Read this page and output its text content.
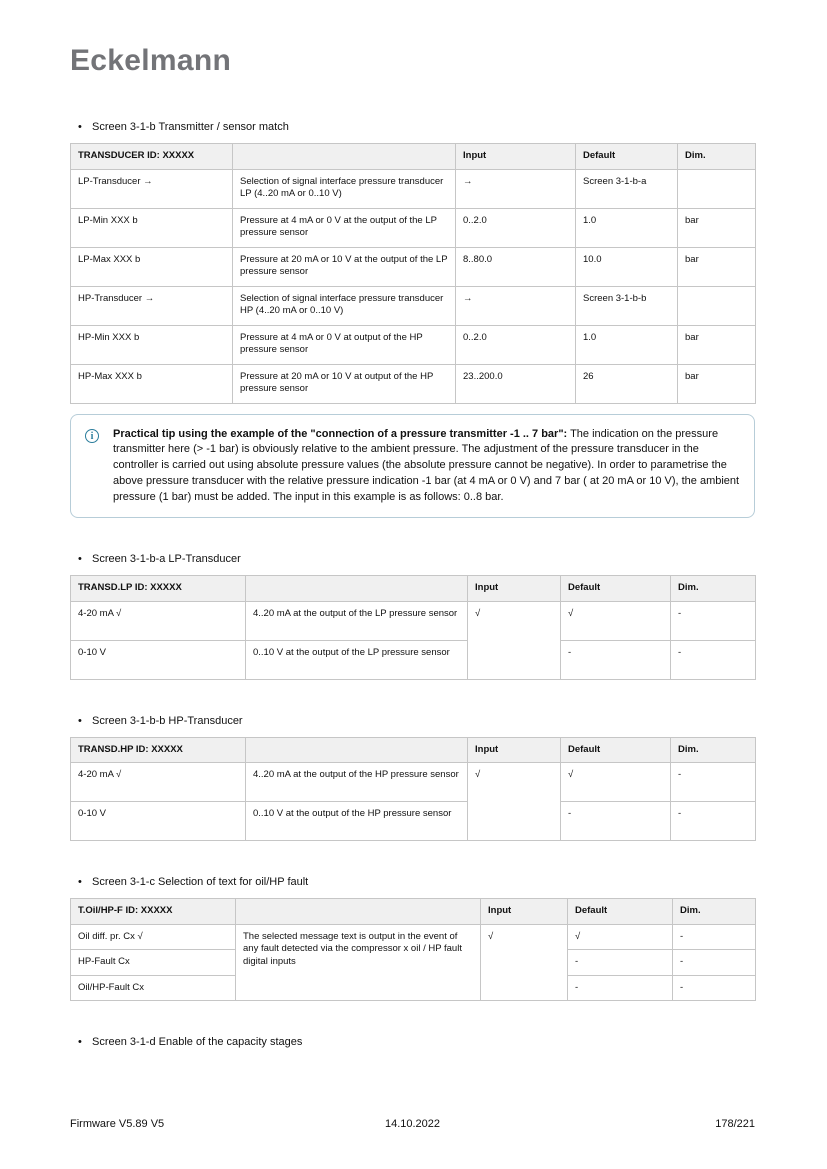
Eckelmann
• Screen 3-1-b Transmitter / sensor match
TRANSDUCER ID: XXXXX		Input	Default	Dim.
LP-Transducer →	Selection of signal interface pressure transducer LP (4..20 mA or 0..10 V)	→	Screen 3-1-b-a	
LP-Min XXX b	Pressure at 4 mA or 0 V at the output of the LP pressure sensor	0..2.0	1.0	bar
LP-Max XXX b	Pressure at 20 mA or 10 V at the output of the LP pressure sensor	8..80.0	10.0	bar
HP-Transducer →	Selection of signal interface pressure transducer HP (4..20 mA or 0..10 V)	→	Screen 3-1-b-b	
HP-Min XXX b	Pressure at 4 mA or 0 V at output of the HP pressure sensor	0..2.0	1.0	bar
HP-Max XXX b	Pressure at 20 mA or 10 V at output of the HP pressure sensor	23..200.0	26	bar
i	Practical tip using the example of the "connection of a pressure transmitter -1 .. 7 bar": The indication on the pressure transmitter here (> -1 bar) is obviously relative to the ambient pressure. The adjustment of the pressure transducer in the controller is carried out using absolute pressure values (the absolute pressure cannot be negative). In order to parametrise the above pressure transducer with the relative pressure indication -1 bar (at 4 mA or 0 V) and 7 bar ( at 20 mA or 10 V), the ambient pressure (1 bar) must be added. The input in this example is as follows: 0..8 bar.
• Screen 3-1-b-a LP-Transducer
TRANSD.LP ID: XXXXX		Input	Default	Dim.
4-20 mA √	4..20 mA at the output of the LP pressure sensor	√	√	-
0-10 V	0..10 V at the output of the LP pressure sensor		-	-
• Screen 3-1-b-b HP-Transducer
TRANSD.HP ID: XXXXX		Input	Default	Dim.
4-20 mA √	4..20 mA at the output of the HP pressure sensor	√	√	-
0-10 V	0..10 V at the output of the HP pressure sensor		-	-
• Screen 3-1-c Selection of text for oil/HP fault
T.Oil/HP-F ID: XXXXX		Input	Default	Dim.
Oil diff. pr. Cx √	The selected message text is output in the event of any fault detected via the compressor x oil / HP fault digital inputs	√	√	-
HP-Fault Cx			-	-
Oil/HP-Fault Cx			-	-
• Screen 3-1-d Enable of the capacity stages
Firmware V5.89 V5	14.10.2022	178/221
